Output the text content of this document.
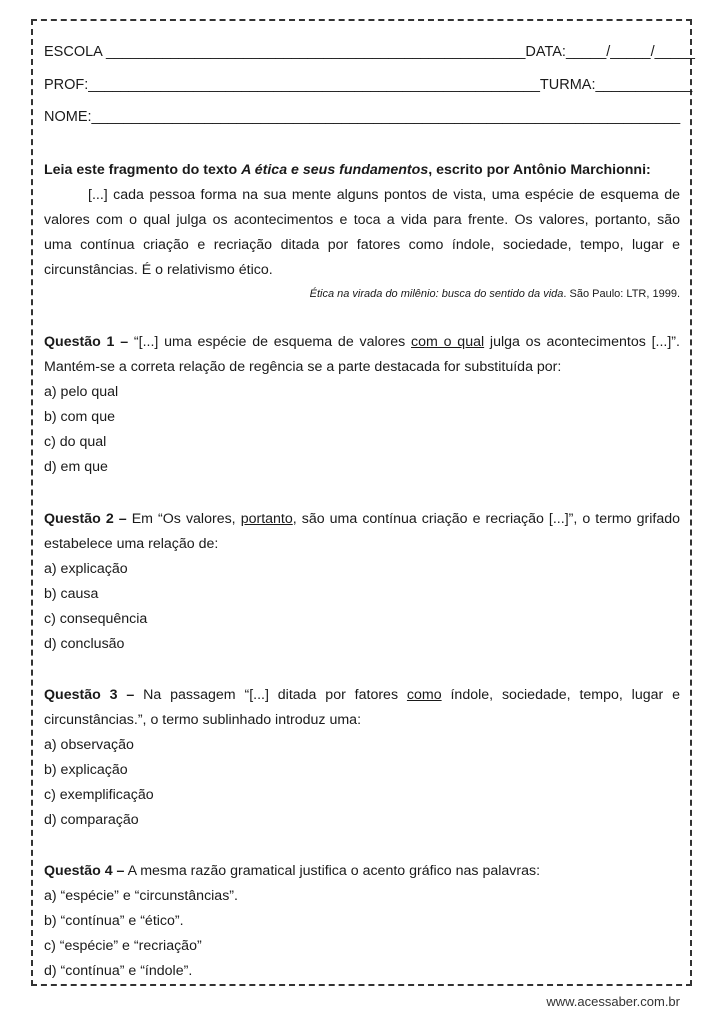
ESCOLA ____________________________________________________DATA:_____/_____/_____
PROF:________________________________________________________TURMA:____________
NOME:_________________________________________________________________________
Leia este fragmento do texto A ética e seus fundamentos, escrito por Antônio Marchionni:
[...] cada pessoa forma na sua mente alguns pontos de vista, uma espécie de esquema de
valores com o qual julga os acontecimentos e toca a vida para frente. Os valores, portanto, são
uma contínua criação e recriação ditada por fatores como índole, sociedade, tempo, lugar e
circunstâncias. É o relativismo ético.
Ética na virada do milênio: busca do sentido da vida. São Paulo: LTR, 1999.
Questão 1 – “[...] uma espécie de esquema de valores com o qual julga os acontecimentos [...]”.
Mantém-se a correta relação de regência se a parte destacada for substituída por:
a) pelo qual
b) com que
c) do qual
d) em que
Questão 2 – Em “Os valores, portanto, são uma contínua criação e recriação [...]”, o termo grifado
estabelece uma relação de:
a) explicação
b) causa
c) consequência
d) conclusão
Questão 3 – Na passagem “[...] ditada por fatores como índole, sociedade, tempo, lugar e
circunstâncias.”, o termo sublinhado introduz uma:
a) observação
b) explicação
c) exemplificação
d) comparação
Questão 4 – A mesma razão gramatical justifica o acento gráfico nas palavras:
a) “espécie” e “circunstâncias”.
b) “contínua” e “ético”.
c) “espécie” e “recriação”
d) “contínua” e “índole”.
www.acessaber.com.br
